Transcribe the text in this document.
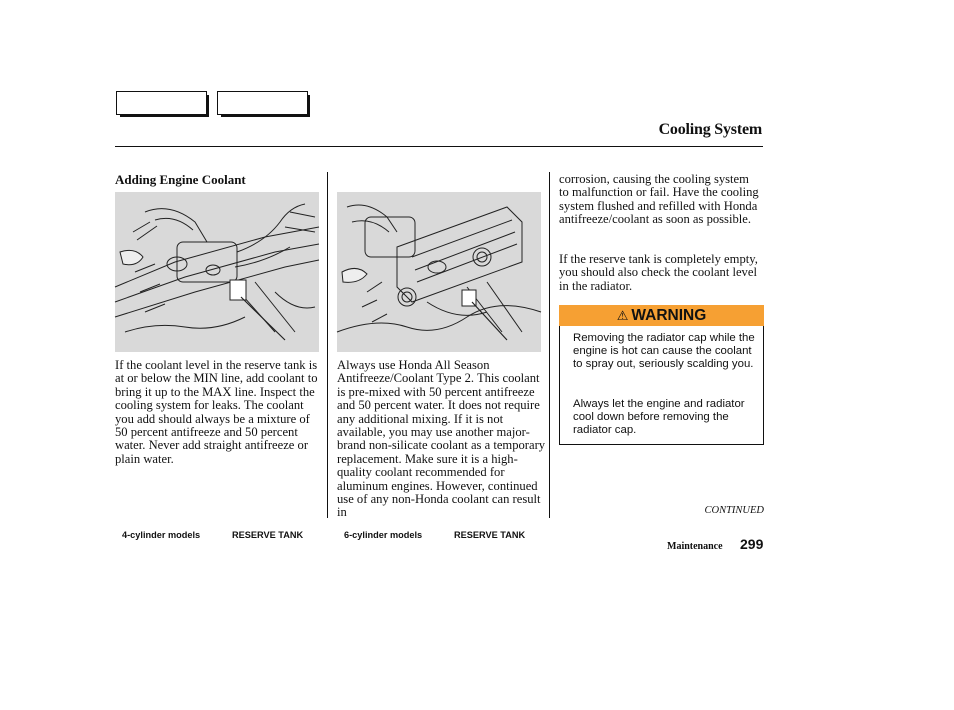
Cooling System
Adding Engine Coolant
4-cylinder models	RESERVE TANK

If the coolant level in the reserve tank is at or below the MIN line, add coolant to bring it up to the MAX line. Inspect the cooling system for leaks. The coolant you add should always be a mixture of 50 percent antifreeze and 50 percent water. Never add straight antifreeze or plain water.

6-cylinder models	RESERVE TANK

Always use Honda All Season Antifreeze/Coolant Type 2. This coolant is pre-mixed with 50 percent antifreeze and 50 percent water. It does not require any additional mixing. If it is not available, you may use another major-brand non-silicate coolant as a temporary replacement. Make sure it is a high-quality coolant recommended for aluminum engines. However, continued use of any non-Honda coolant can result in

corrosion, causing the cooling system to malfunction or fail. Have the cooling system flushed and refilled with Honda antifreeze/coolant as soon as possible.

If the reserve tank is completely empty, you should also check the coolant level in the radiator.

⚠ WARNING

Removing the radiator cap while the engine is hot can cause the coolant to spray out, seriously scalding you.

Always let the engine and radiator cool down before removing the radiator cap.

CONTINUED
Maintenance 299
